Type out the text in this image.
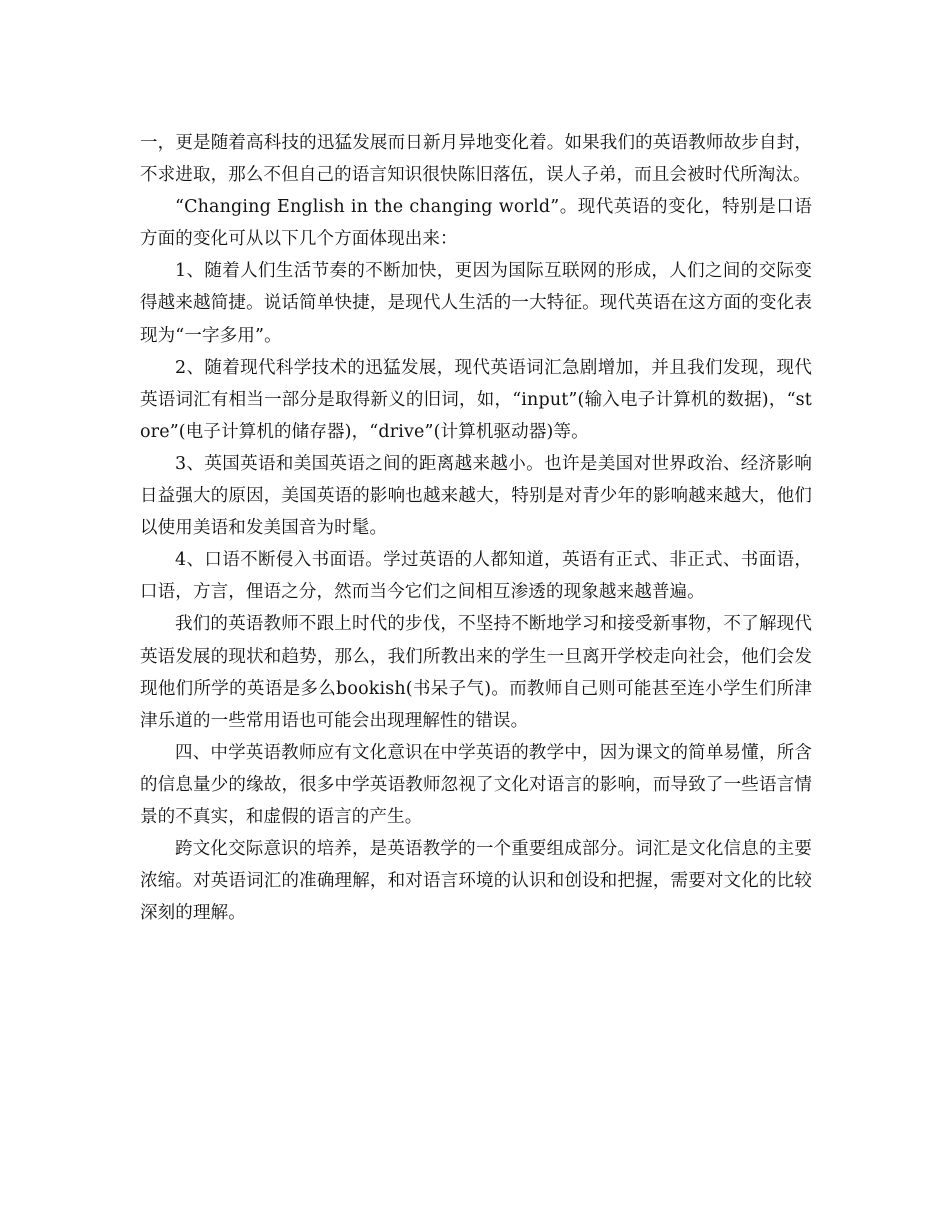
一，更是随着高科技的迅猛发展而日新月异地变化着。如果我们的英语教师故步自封，不求进取，那么不但自己的语言知识很快陈旧落伍，误人子弟，而且会被时代所淘汰。

“Changing English in the changing world”。现代英语的变化，特别是口语方面的变化可从以下几个方面体现出来：

1、随着人们生活节奏的不断加快，更因为国际互联网的形成，人们之间的交际变得越来越简捷。说话简单快捷，是现代人生活的一大特征。现代英语在这方面的变化表现为“一字多用”。

2、随着现代科学技术的迅猛发展，现代英语词汇急剧增加，并且我们发现，现代英语词汇有相当一部分是取得新义的旧词，如，“input”(输入电子计算机的数据)，“store”(电子计算机的储存器)，“drive”(计算机驱动器)等。

3、英国英语和美国英语之间的距离越来越小。也许是美国对世界政治、经济影响日益强大的原因，美国英语的影响也越来越大，特别是对青少年的影响越来越大，他们以使用美语和发美国音为时髦。

4、口语不断侵入书面语。学过英语的人都知道，英语有正式、非正式、书面语，口语，方言，俚语之分，然而当今它们之间相互渗透的现象越来越普遍。

我们的英语教师不跟上时代的步伐，不坚持不断地学习和接受新事物，不了解现代英语发展的现状和趋势，那么，我们所教出来的学生一旦离开学校走向社会，他们会发现他们所学的英语是多么bookish(书呆子气)。而教师自己则可能甚至连小学生们所津津乐道的一些常用语也可能会出现理解性的错误。

四、中学英语教师应有文化意识在中学英语的教学中，因为课文的简单易懂，所含的信息量少的缘故，很多中学英语教师忽视了文化对语言的影响，而导致了一些语言情景的不真实，和虚假的语言的产生。

跨文化交际意识的培养，是英语教学的一个重要组成部分。词汇是文化信息的主要浓缩。对英语词汇的准确理解，和对语言环境的认识和创设和把握，需要对文化的比较深刻的理解。
